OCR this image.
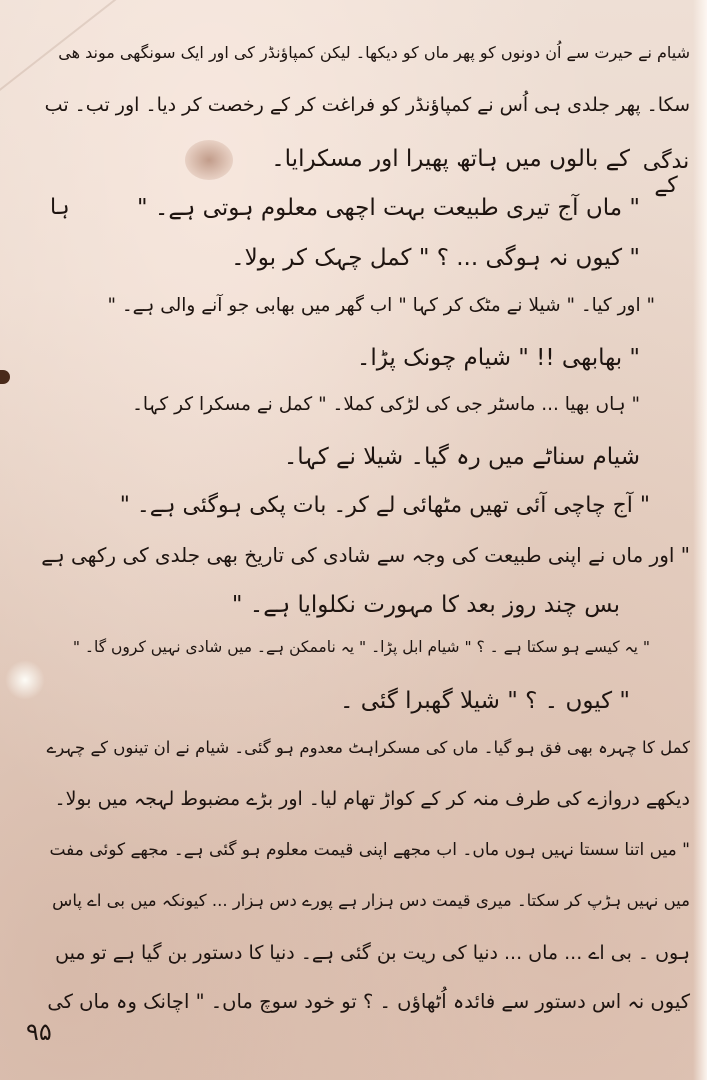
ندگی کے
ہا
شیام نے حیرت سے اُن دونوں کو پھر ماں کو دیکھا۔ لیکن کمپاؤنڈر کی اور ایک سونگھی موند ھی
سکا۔ پھر جلدی ہی اُس نے کمپاؤنڈر کو فراغت کر کے رخصت کر دیا۔ اور تب۔ تب
کے بالوں میں ہاتھ پھیرا اور مسکرایا۔
" ماں آج تیری طبیعت بہت اچھی معلوم ہوتی ہے۔ "
" کیوں نہ ہوگی ... ؟ " کمل چہک کر بولا۔
" اور کیا۔ " شیلا نے مٹک کر کہا " اب گھر میں بھابی جو آنے والی ہے۔ "
" بھابھی !! " شیام چونک پڑا۔
" ہاں بھیا ... ماسٹر جی کی لڑکی کملا۔ " کمل نے مسکرا کر کہا۔
شیام سناٹے میں رہ گیا۔ شیلا نے کہا۔
" آج چاچی آئی تھیں مٹھائی لے کر۔ بات پکی ہوگئی ہے۔ "
" اور ماں نے اپنی طبیعت کی وجہ سے شادی کی تاریخ بھی جلدی کی رکھی ہے
بس چند روز بعد کا مہورت نکلوایا ہے۔ "
" یہ کیسے ہو سکتا ہے ۔ ؟ " شیام ابل پڑا۔ " یہ ناممکن ہے۔ میں شادی نہیں کروں گا۔ "
" کیوں ۔ ؟ " شیلا گھبرا گئی ۔
کمل کا چہرہ بھی فق ہو گیا۔ ماں کی مسکراہٹ معدوم ہو گئی۔ شیام نے ان تینوں کے چہرے
دیکھے دروازے کی طرف منہ کر کے کواڑ تھام لیا۔ اور بڑے مضبوط لہجہ میں بولا۔
" میں اتنا سستا نہیں ہوں ماں۔ اب مجھے اپنی قیمت معلوم ہو گئی ہے۔ مجھے کوئی مفت
میں نہیں ہڑپ کر سکتا۔ میری قیمت دس ہزار ہے پورے دس ہزار ... کیونکہ میں بی اے پاس
ہوں ۔ بی اے ... ماں ... دنیا کی ریت بن گئی ہے۔ دنیا کا دستور بن گیا ہے تو میں
کیوں نہ اس دستور سے فائدہ اُٹھاؤں ۔ ؟ تو خود سوچ ماں۔ " اچانک وہ ماں کی
۹۵
